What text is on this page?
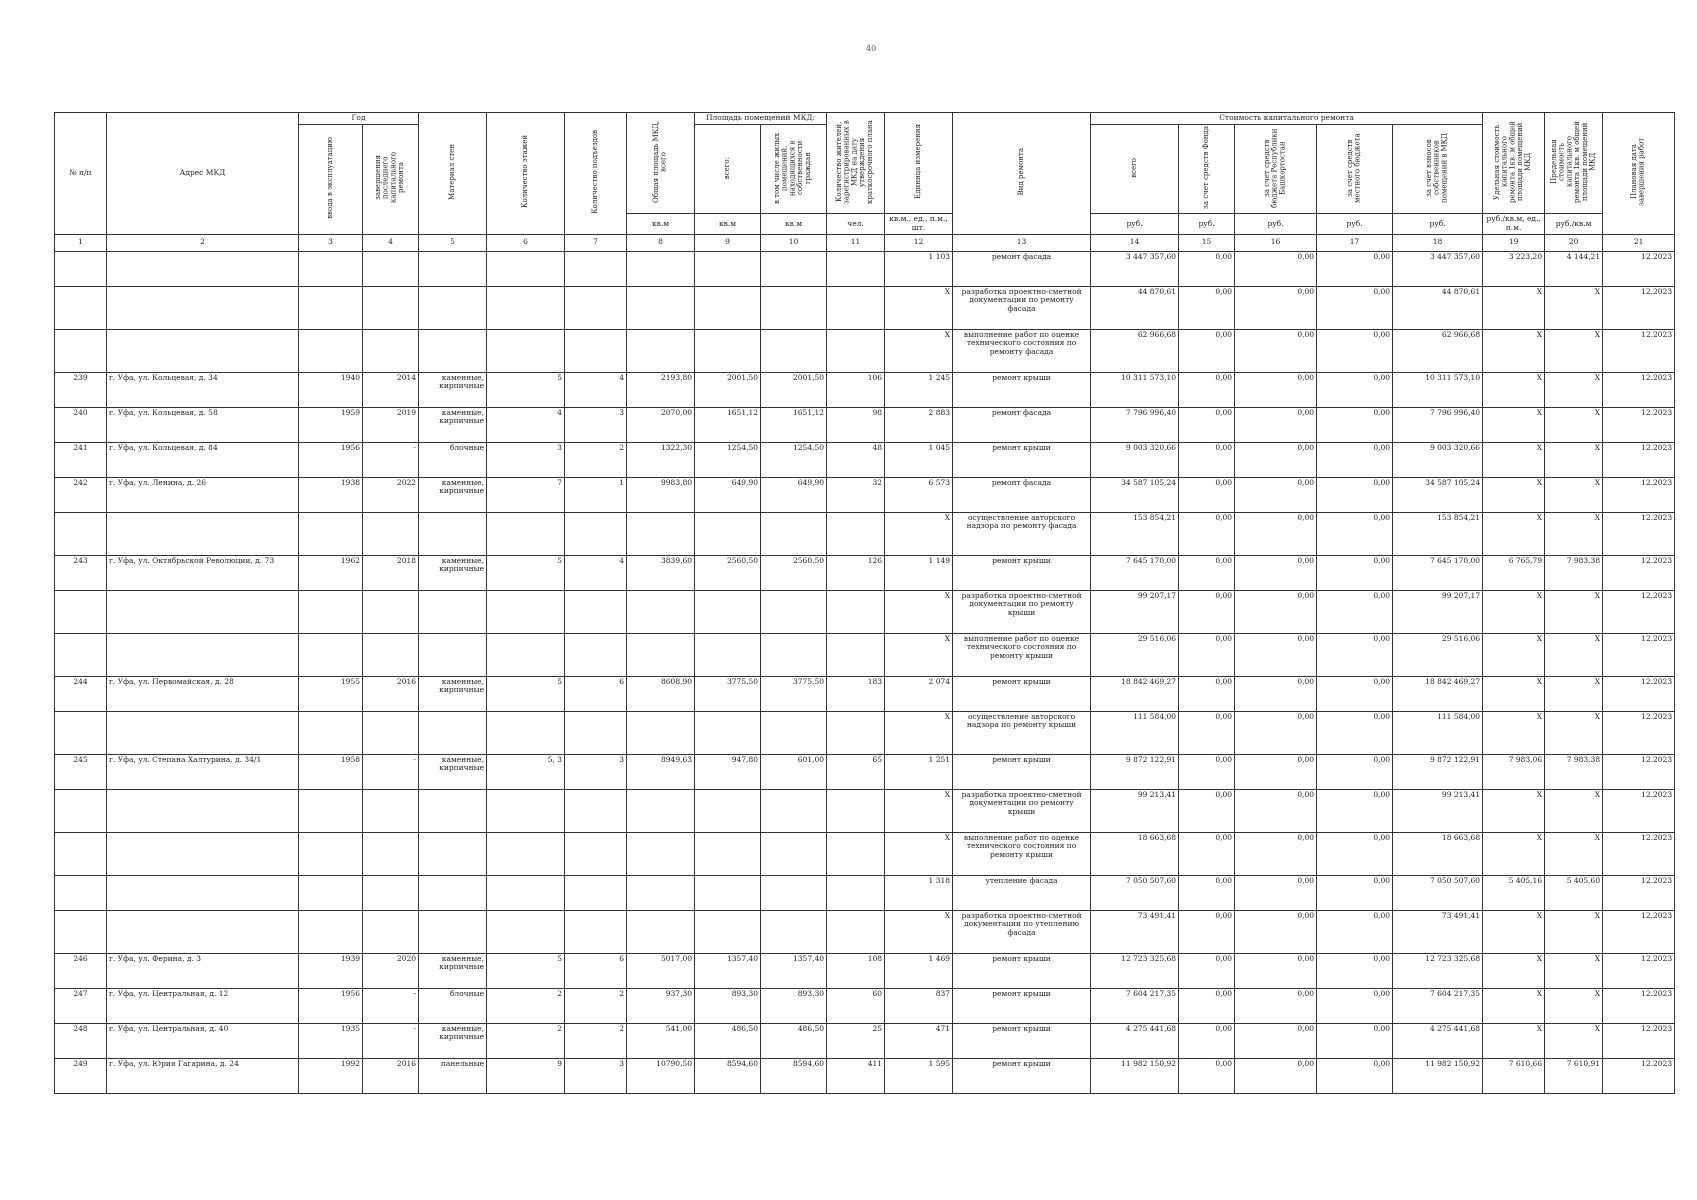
40
№ п/п	Адрес МКД	Год		Материал стен	Количество этажей	Количество подъездов	Общая площадь МКД, всего	Площадь помещений МКД:		Количество жителей, зарегистрированных в МКД на дату утверждения краткосрочного плана	Единица измерения	Вид ремонта	Стоимость капитального ремонта					Удельная стоимость капитального ремонта 1кв. м общей площади помещений МКД	Предельная стоимость капитального ремонта 1кв. м общей площади помещений МКД	Плановая дата завершения работ
		ввода в эксплуатацию	завершения последнего капитального ремонта					всего:	в том числе жилых помещений, находящихся в собственности граждан				всего	за счет средств Фонда	за счет средств бюджета Республики Башкортостан	за счет средств местного бюджета	за счет взносов собственников помещений в МКД			
							кв.м	кв.м	кв.м	чел.	кв.м., ед., п.м., шт.		руб.	руб.	руб.	руб.	руб.	руб./кв.м, ед., п.м.	руб./кв.м	
1	2	3	4	5	6	7	8	9	10	11	12	13	14	15	16	17	18	19	20	21
											1 103	ремонт фасада	3 447 357,60	0,00	0,00	0,00	3 447 357,60	3 223,20	4 144,21	12.2023
											X	разработка проектно-сметной документации по ремонту фасада	44 870,61	0,00	0,00	0,00	44 870,61	X	X	12.2023
											X	выполнение работ по оценке технического состояния по ремонту фасада	62 966,68	0,00	0,00	0,00	62 966,68	X	X	12.2023
239	г. Уфа, ул. Кольцевая, д. 34	1940	2014	каменные, кирпичные	5	4	2193,80	2001,50	2001,50	106	1 245	ремонт крыши	10 311 573,10	0,00	0,00	0,00	10 311 573,10	X	X	12.2023
240	г. Уфа, ул. Кольцевая, д. 58	1959	2019	каменные, кирпичные	4	3	2070,00	1651,12	1651,12	98	2 883	ремонт фасада	7 796 996,40	0,00	0,00	0,00	7 796 996,40	X	X	12.2023
241	г. Уфа, ул. Кольцевая, д. 84	1956	-	блочные	3	2	1322,30	1254,50	1254,50	48	1 045	ремонт крыши	9 003 320,66	0,00	0,00	0,00	9 003 320,66	X	X	12.2023
242	г. Уфа, ул. Ленина, д. 26	1938	2022	каменные, кирпичные	7	1	9983,80	649,90	649,90	32	6 573	ремонт фасада	34 587 105,24	0,00	0,00	0,00	34 587 105,24	X	X	12.2023
											X	осуществление авторского надзора по ремонту фасада	153 854,21	0,00	0,00	0,00	153 854,21	X	X	12.2023
243	г. Уфа, ул. Октябрьской Революции, д. 73	1962	2018	каменные, кирпичные	5	4	3839,60	2560,50	2560,50	126	1 149	ремонт крыши	7 645 170,00	0,00	0,00	0,00	7 645 170,00	6 765,79	7 983,38	12.2023
											X	разработка проектно-сметной документации по ремонту крыши	99 207,17	0,00	0,00	0,00	99 207,17	X	X	12.2023
											X	выполнение работ по оценке технического состояния по ремонту крыши	29 516,06	0,00	0,00	0,00	29 516,06	X	X	12.2023
244	г. Уфа, ул. Первомайская, д. 28	1955	2016	каменные, кирпичные	5	6	8608,90	3775,50	3775,50	183	2 074	ремонт крыши	18 842 469,27	0,00	0,00	0,00	18 842 469,27	X	X	12.2023
											X	осуществление авторского надзора по ремонту крыши	111 584,00	0,00	0,00	0,00	111 584,00	X	X	12.2023
245	г. Уфа, ул. Степана Халтурина, д. 34/1	1958	-	каменные, кирпичные	5, 3	3	8949,63	947,80	601,00	65	1 251	ремонт крыши	9 872 122,91	0,00	0,00	0,00	9 872 122,91	7 983,06	7 983,38	12.2023
											X	разработка проектно-сметной документации по ремонту крыши	99 213,41	0,00	0,00	0,00	99 213,41	X	X	12.2023
											X	выполнение работ по оценке технического состояния по ремонту крыши	18 663,68	0,00	0,00	0,00	18 663,68	X	X	12.2023
											1 318	утепление фасада	7 050 507,60	0,00	0,00	0,00	7 050 507,60	5 405,16	5 405,60	12.2023
											X	разработка проектно-сметной документации по утеплению фасада	73 491,41	0,00	0,00	0,00	73 491,41	X	X	12.2023
246	г. Уфа, ул. Ферина, д. 3	1939	2020	каменные, кирпичные	5	6	5017,00	1357,40	1357,40	108	1 469	ремонт крыши	12 723 325,68	0,00	0,00	0,00	12 723 325,68	X	X	12.2023
247	г. Уфа, ул. Центральная, д. 12	1956	-	блочные	2	2	937,30	893,30	893,30	60	837	ремонт крыши	7 604 217,35	0,00	0,00	0,00	7 604 217,35	X	X	12.2023
248	г. Уфа, ул. Центральная, д. 40	1935	-	каменные, кирпичные	2	2	541,00	486,50	486,50	25	471	ремонт крыши	4 275 441,68	0,00	0,00	0,00	4 275 441,68	X	X	12.2023
249	г. Уфа, ул. Юрия Гагарина, д. 24	1992	2016	панельные	9	3	10790,50	8594,60	8594,60	411	1 595	ремонт крыши	11 982 150,92	0,00	0,00	0,00	11 982 150,92	7 610,66	7 610,91	12.2023
